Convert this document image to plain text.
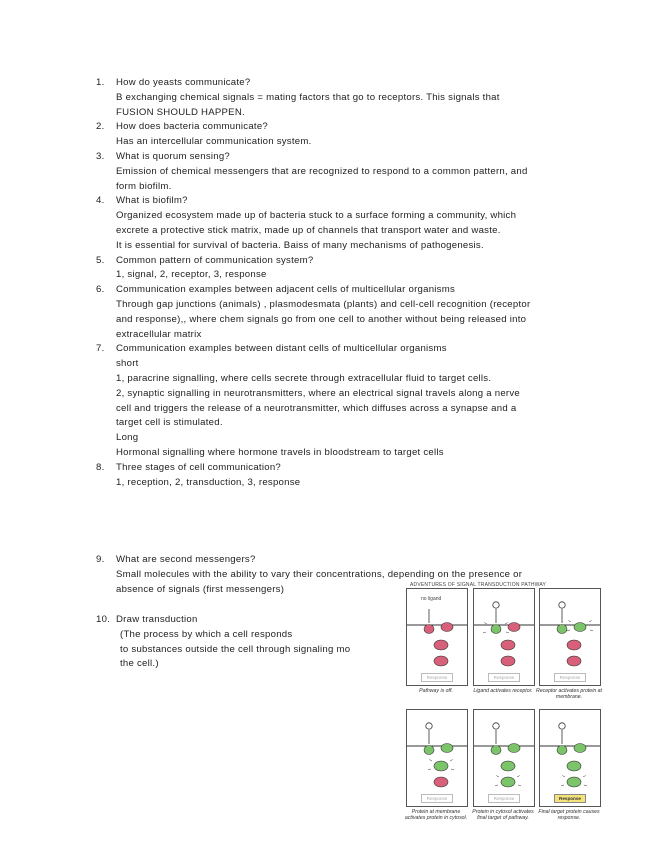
1.	How do yeasts communicate?
B exchanging chemical signals = mating factors that go to receptors. This signals that
FUSION SHOULD HAPPEN.
2.	How does bacteria communicate?
Has an intercellular communication system.
3.	What is quorum sensing?
Emission of chemical messengers that are recognized to respond to a common pattern, and
form biofilm.
4.	What is biofilm?
Organized ecosystem made up of bacteria stuck to a surface forming a community, which
excrete a protective stick matrix, made up of channels that transport water and waste.
It is essential for survival of bacteria. Baiss of many mechanisms of pathogenesis.
5.	Common pattern of communication system?
1, signal, 2, receptor, 3, response
6.	Communication examples between adjacent cells of multicellular organisms
Through gap junctions (animals) , plasmodesmata (plants) and cell-cell recognition (receptor
and response),, where chem signals go from one cell to another without being released into
extracellular matrix
7.	Communication examples between distant cells of multicellular organisms
short
1, paracrine signalling, where cells secrete through extracellular fluid to target cells.
2, synaptic signalling in neurotransmitters, where an electrical signal travels along a nerve
cell and triggers the release of a neurotransmitter, which diffuses across a synapse and a
target cell is stimulated.
Long
Hormonal signalling where hormone travels in bloodstream to target cells
8.	Three stages of cell communication?
1, reception, 2, transduction, 3, response
9.	What are second messengers?
Small molecules with the ability to vary their concentrations, depending on the presence or
absence of signals (first messengers)
10. Draw transduction
(The process by which a cell responds
to substances outside the cell through signaling mo
the cell.)
ADVENTURES OF SIGNAL TRANSDUCTION PATHWAY
no ligand
Response
Pathway is off.
Response
Ligand activates receptor.
Response
Receptor activates protein at membrane.
Response
Protein at membrane activates protein in cytosol.
Response
Protein in cytosol activates final target of pathway.
Response
Final target protein causes response.
